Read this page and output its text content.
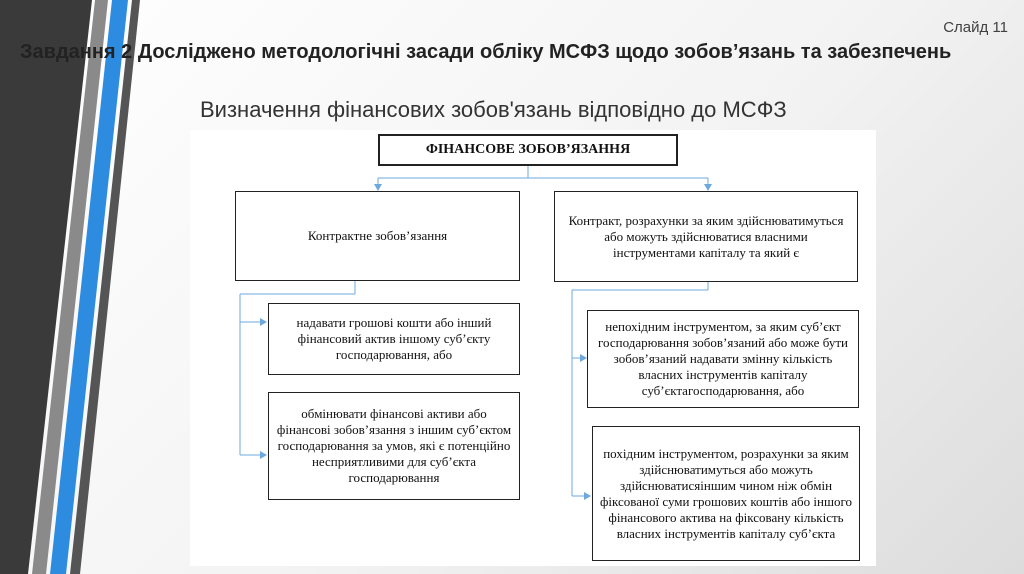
Слайд 11
Завдання 2 Досліджено методологічні засади обліку МСФЗ щодо зобов’язань та забезпечень
Визначення фінансових зобов'язань відповідно до МСФЗ
ФІНАНСОВЕ ЗОБОВ’ЯЗАННЯ
Контрактне зобов’язання
Контракт, розрахунки за яким здійснюватимуться або можуть здійснюватися власними інструментами капіталу та який є
надавати грошові кошти або інший фінансовий актив іншому суб’єкту господарювання, або
обмінювати фінансові активи або фінансові зобов’язання з іншим суб’єктом господарювання за умов, які є потенційно несприятливими для суб’єкта господарювання
непохідним інструментом, за яким суб’єкт господарювання зобов’язаний або може бути зобов’язаний надавати змінну кількість власних інструментів капіталу суб’єктагосподарювання, або
похідним інструментом, розрахунки за яким здійснюватимуться або можуть здійснюватисяіншим чином ніж обмін фіксованої суми грошових коштів або іншого фінансового актива на фіксовану кількість власних інструментів капіталу суб’єкта
